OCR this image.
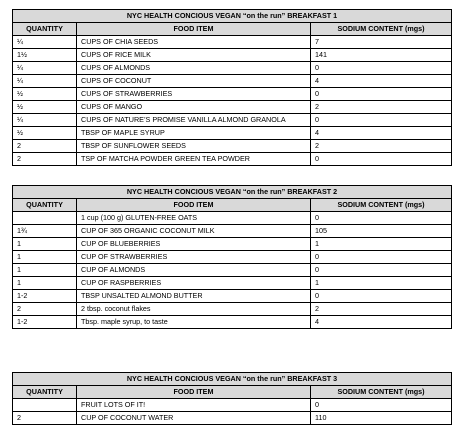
NYC HEALTH CONCIOUS VEGAN “on the run” BREAKFAST 1		
QUANTITY	FOOD ITEM	SODIUM CONTENT (mgs)
¼	CUPS OF CHIA SEEDS	7
1½	CUPS OF RICE MILK	141
¼	CUPS OF ALMONDS	0
¼	CUPS OF COCONUT	4
½	CUPS OF STRAWBERRIES	0
½	CUPS OF MANGO	2
¼	CUPS OF NATURE’S PROMISE VANILLA ALMOND GRANOLA	0
½	TBSP OF MAPLE SYRUP	4
2	TBSP OF SUNFLOWER SEEDS	2
2	TSP OF MATCHA POWDER GREEN TEA POWDER	0
NYC HEALTH CONCIOUS VEGAN “on the run” BREAKFAST 2		
QUANTITY	FOOD ITEM	SODIUM CONTENT (mgs)
	1 cup (100 g) GLUTEN-FREE OATS	0
1¾	CUP OF 365 ORGANIC COCONUT MILK	105
1	CUP OF BLUEBERRIES	1
1	CUP OF STRAWBERRIES	0
1	CUP OF ALMONDS	0
1	CUP OF RASPBERRIES	1
1-2	TBSP UNSALTED ALMOND BUTTER	0
2	2 tbsp. coconut flakes	2
1-2	Tbsp. maple syrup, to taste	4
NYC HEALTH CONCIOUS VEGAN “on the run” BREAKFAST 3		
QUANTITY	FOOD ITEM	SODIUM CONTENT (mgs)
	FRUIT LOTS OF IT!	0
2	CUP OF COCONUT WATER	110
